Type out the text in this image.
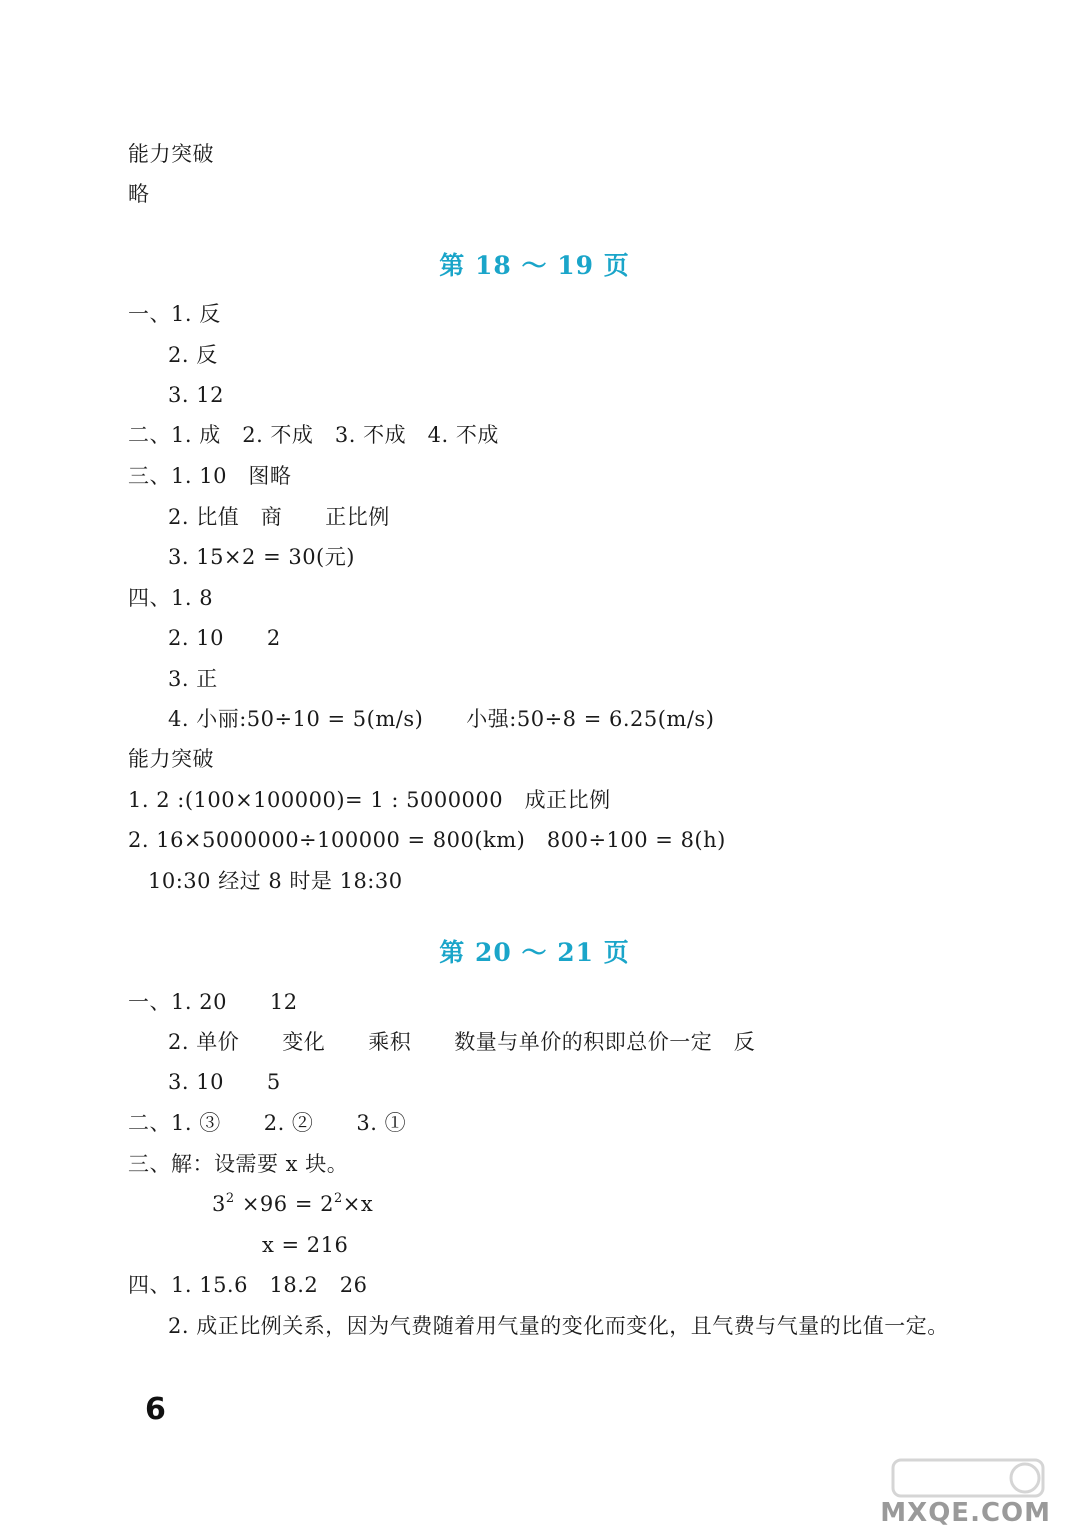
能力突破
略
第 18 ～ 19 页
一、1. 反
2. 反
3. 12
二、1. 成　2. 不成　3. 不成　4. 不成
三、1. 10　图略
2. 比值　商　　正比例
3. 15×2 = 30(元)
四、1. 8
2. 10　　2
3. 正
4. 小丽:50÷10 = 5(m/s)　　小强:50÷8 = 6.25(m/s)
能力突破
1. 2 :(100×100000)= 1 : 5000000　成正比例
2. 16×5000000÷100000 = 800(km)　800÷100 = 8(h)
10:30 经过 8 时是 18:30
第 20 ～ 21 页
一、1. 20　　12
2. 单价　　变化　　乘积　　数量与单价的积即总价一定　反
3. 10　　5
二、1. ③　　2. ②　　3. ①
三、解：设需要 x 块。
$3^2 \times 96 = 2^2\times x$
x = 216
四、1. 15.6　18.2　26
2. 成正比例关系，因为气费随着用气量的变化而变化，且气费与气量的比值一定。
6
MXQE.COM
